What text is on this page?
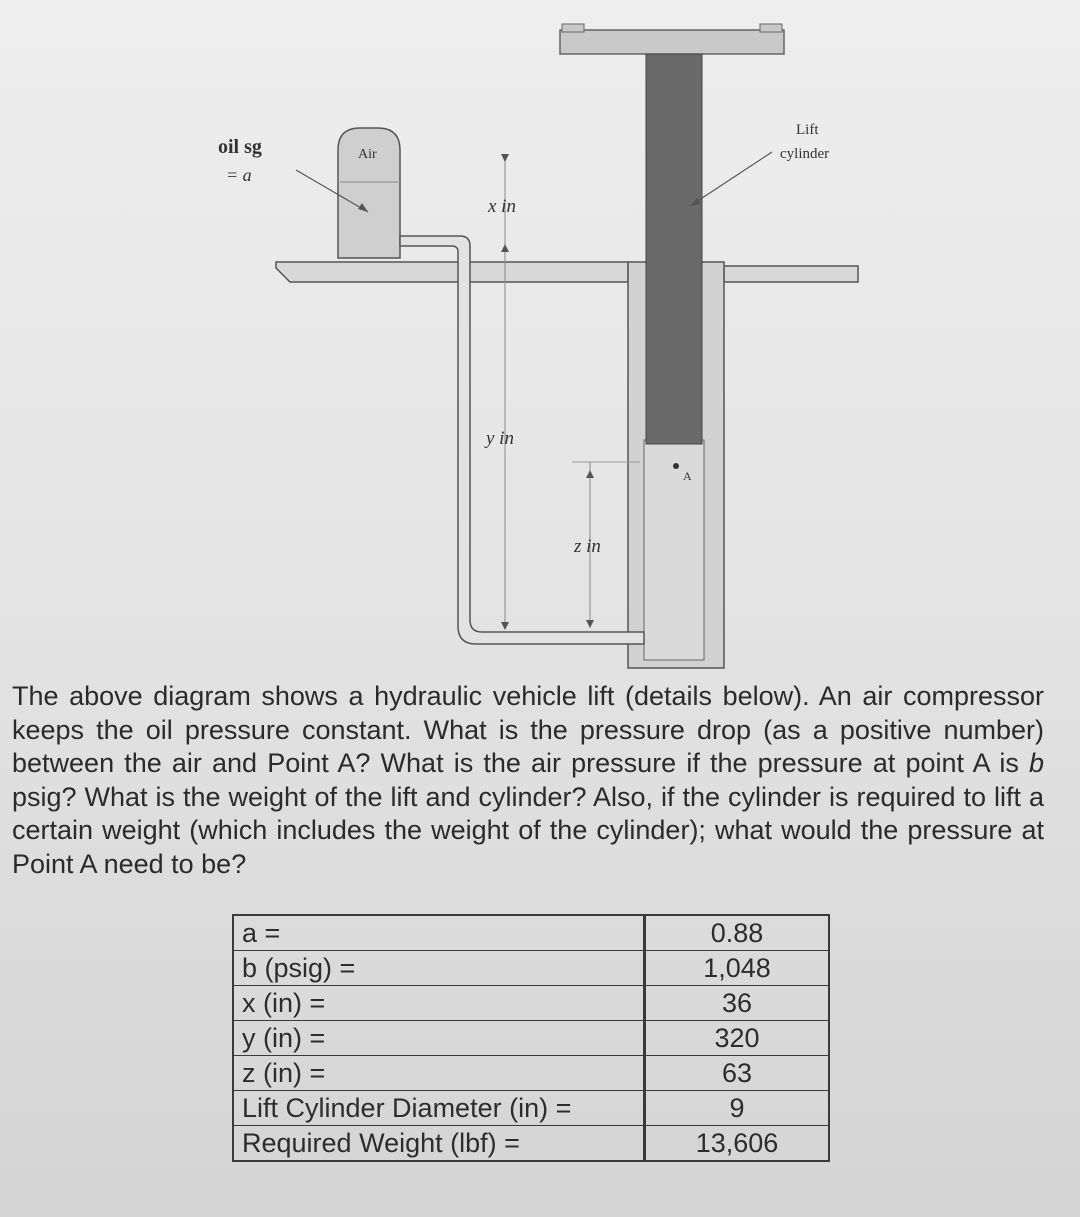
oil sg
= a
Air
Lift
cylinder
x in
y in
z in
A

The above diagram shows a hydraulic vehicle lift (details below). An air compressor keeps the oil pressure constant. What is the pressure drop (as a positive number) between the air and Point A? What is the air pressure if the pressure at point A is b psig? What is the weight of the lift and cylinder? Also, if the cylinder is required to lift a certain weight (which includes the weight of the cylinder); what would the pressure at Point A need to be?

a =	0.88
b (psig) =	1,048
x (in) =	36
y (in) =	320
z (in) =	63
Lift Cylinder Diameter (in) =	9
Required Weight (lbf) =	13,606
